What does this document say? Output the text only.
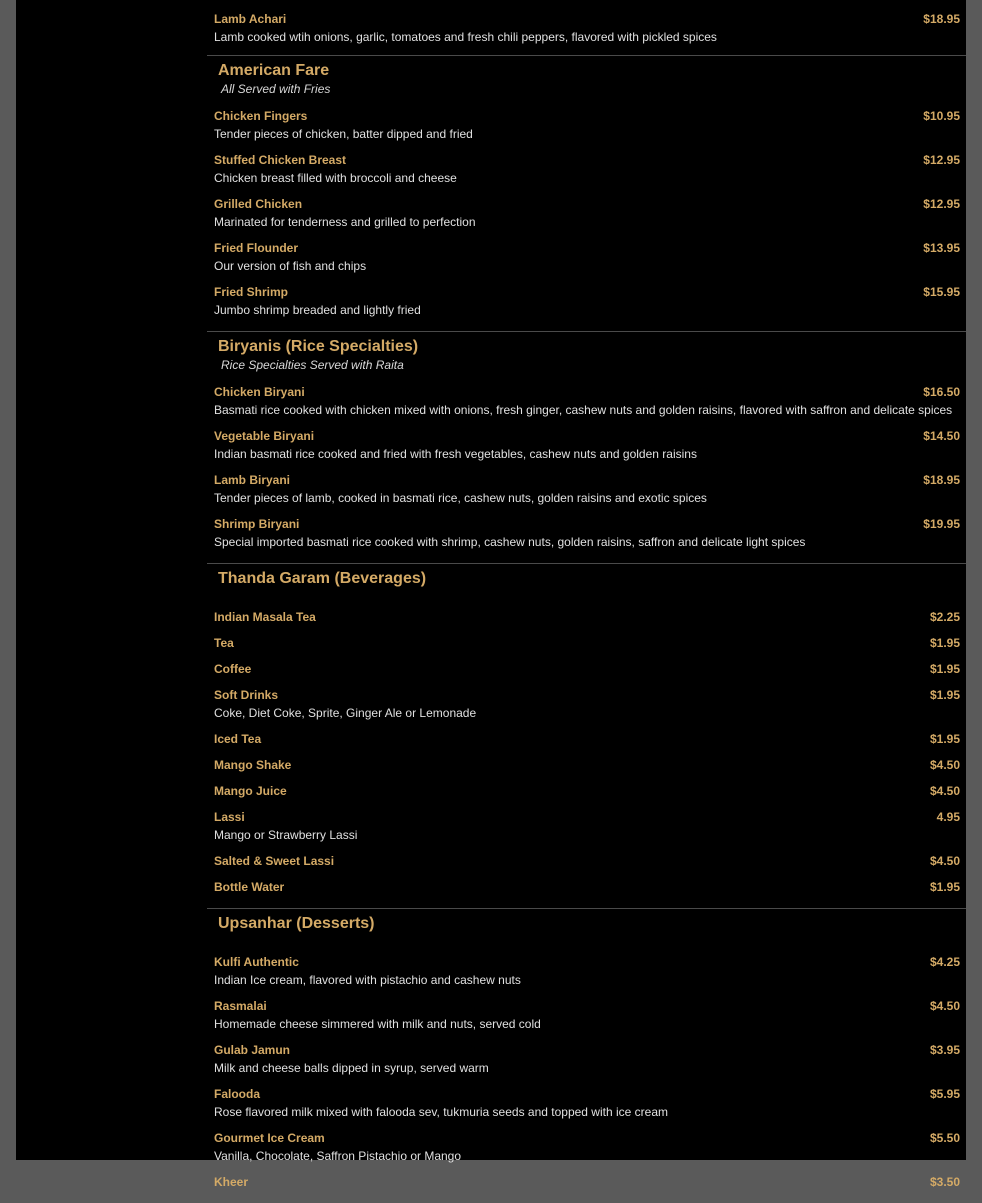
Lamb Achari	$18.95
Lamb cooked wtih onions, garlic, tomatoes and fresh chili peppers, flavored with pickled spices
American Fare
All Served with Fries
Chicken Fingers	$10.95
Tender pieces of chicken, batter dipped and fried
Stuffed Chicken Breast	$12.95
Chicken breast filled with broccoli and cheese
Grilled Chicken	$12.95
Marinated for tenderness and grilled to perfection
Fried Flounder	$13.95
Our version of fish and chips
Fried Shrimp	$15.95
Jumbo shrimp breaded and lightly fried
Biryanis (Rice Specialties)
Rice Specialties Served with Raita
Chicken Biryani	$16.50
Basmati rice cooked with chicken mixed with onions, fresh ginger, cashew nuts and golden raisins, flavored with saffron and delicate spices
Vegetable Biryani	$14.50
Indian basmati rice cooked and fried with fresh vegetables, cashew nuts and golden raisins
Lamb Biryani	$18.95
Tender pieces of lamb, cooked in basmati rice, cashew nuts, golden raisins and exotic spices
Shrimp Biryani	$19.95
Special imported basmati rice cooked with shrimp, cashew nuts, golden raisins, saffron and delicate light spices
Thanda Garam (Beverages)
Indian Masala Tea	$2.25
Tea	$1.95
Coffee	$1.95
Soft Drinks	$1.95
Coke, Diet Coke, Sprite, Ginger Ale or Lemonade
Iced Tea	$1.95
Mango Shake	$4.50
Mango Juice	$4.50
Lassi	4.95
Mango or Strawberry Lassi
Salted & Sweet Lassi	$4.50
Bottle Water	$1.95
Upsanhar (Desserts)
Kulfi Authentic	$4.25
Indian Ice cream, flavored with pistachio and cashew nuts
Rasmalai	$4.50
Homemade cheese simmered with milk and nuts, served cold
Gulab Jamun	$3.95
Milk and cheese balls dipped in syrup, served warm
Falooda	$5.95
Rose flavored milk mixed with falooda sev, tukmuria seeds and topped with ice cream
Gourmet Ice Cream	$5.50
Vanilla, Chocolate, Saffron Pistachio or Mango
Kheer	$3.50
